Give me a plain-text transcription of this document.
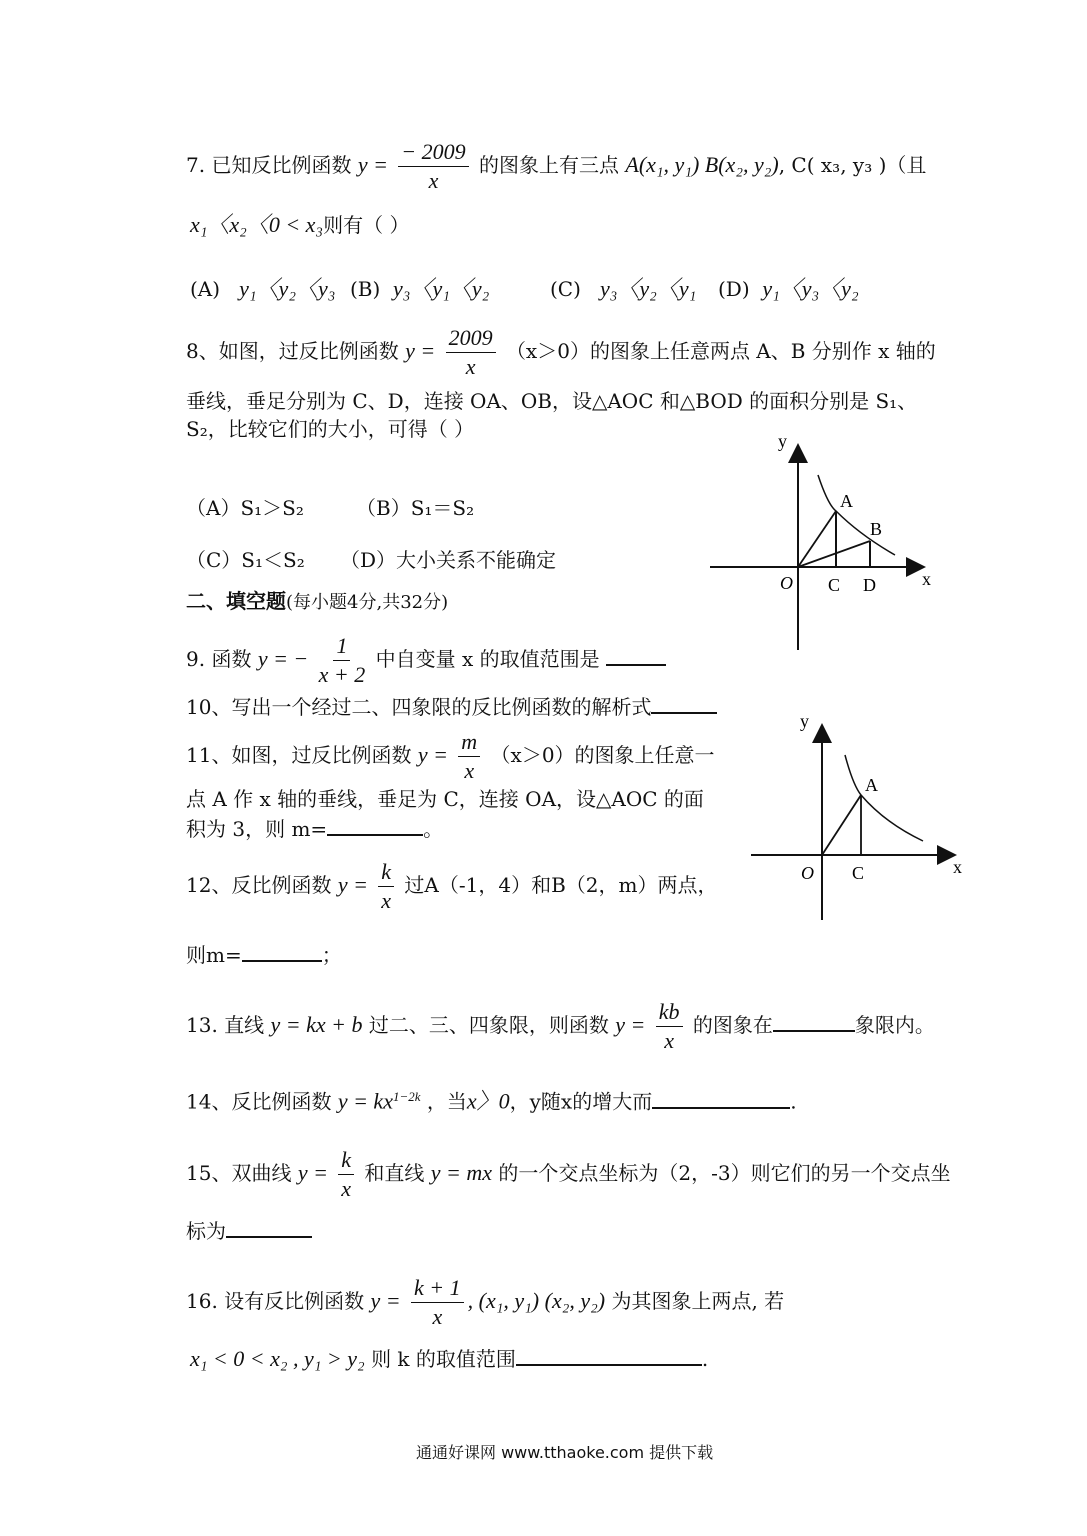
7. 已知反比例函数 $y = \frac{- 2009}{x}$ 的图象上有三点 A(x₁, y₁) B(x₂, y₂), C( x₃, y₃ )（且
x₁〈x₂〈0 < x₃则有（ ）
(A) y₁〈y₂〈y₃ (B) y₃〈y₁〈y₂	(C) y₃〈y₂〈y₁ (D) y₁〈y₃〈y₂
8、如图，过反比例函数 $y = \frac{2009}{x} (x>0)$的图象上任意两点 A、B 分别作 x 轴的
垂线，垂足分别为 C、D，连接 OA、OB，设△AOC 和△BOD 的面积分别是 S₁、
S₂，比较它们的大小，可得（ ）
（A）S₁＞S₂	（B）S₁＝S₂
（C）S₁＜S₂ （D）大小关系不能确定
y
x
O
A
B
C D
二、填空题(每小题4分,共32分)
9. 函数 y = − $\frac{1}{x + 2}$ 中自变量 x 的取值范围是
10、写出一个经过二、四象限的反比例函数的解析式
11、如图，过反比例函数 $y = \frac{m}{x} (x>0)$的图象上任意一
点 A 作 x 轴的垂线，垂足为 C，连接 OA，设△AOC 的面
积为 3，则 m=	。
y
x
O
A
C
12、反比例函数 $y = \frac{k}{x}$ 过A（-1，4）和B（2，m）两点，
则m=	；
13. 直线 y = kx + b 过二、三、四象限，则函数 $y = \frac{kb}{x}$ 的图象在	象限内。
14、反比例函数 $y = kx^{1-2k}$ ，当x〉0，y随x的增大而	.
15、双曲线 $y = \frac{k}{x}$ 和直线 y = mx 的一个交点坐标为（2，-3）则它们的另一个交点坐
标为
16. 设有反比例函数 $y = \frac{k + 1}{x}$ , (x₁, y₁) (x₂, y₂) 为其图象上两点, 若
x₁ < 0 < x₂ , y₁ > y₂ 则 k 的取值范围	.
通通好课网 www.tthaoke.com 提供下载
